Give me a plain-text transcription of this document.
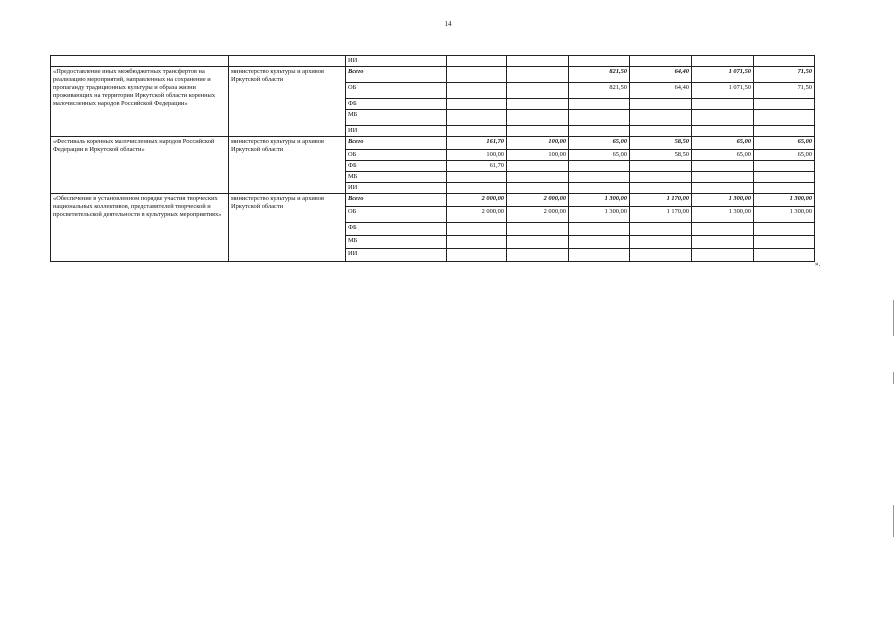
14
		ИИ						
«Предоставление иных межбюджетных трансфертов на реализацию мероприятий, направленных на сохранение и пропаганду традиционных культуры и образа жизни проживающих на территории Иркутской области коренных малочисленных народов Российской Федерации»	министерство культуры и архивов Иркутской области	Всего			821,50	64,40	1 071,50	71,50
		ОБ			821,50	64,40	1 071,50	71,50
		ФБ						
		МБ						
		ИИ						
«Фестиваль коренных малочисленных народов Российской Федерации в Иркутской области»	министерство культуры и архивов Иркутской области	Всего	161,70	100,00	65,00	58,50	65,00	65,00
		ОБ	100,00	100,00	65,00	58,50	65,00	65,00
		ФБ	61,70					
		МБ						
		ИИ						
«Обеспечение в установленном порядке участия творческих национальных коллективов, представителей творческой и просветительской деятельности в культурных мероприятиях»	министерство культуры и архивов Иркутской области	Всего	2 000,00	2 000,00	1 300,00	1 170,00	1 300,00	1 300,00
		ОБ	2 000,00	2 000,00	1 300,00	1 170,00	1 300,00	1 300,00
		ФБ						
		МБ						
		ИИ						
».
